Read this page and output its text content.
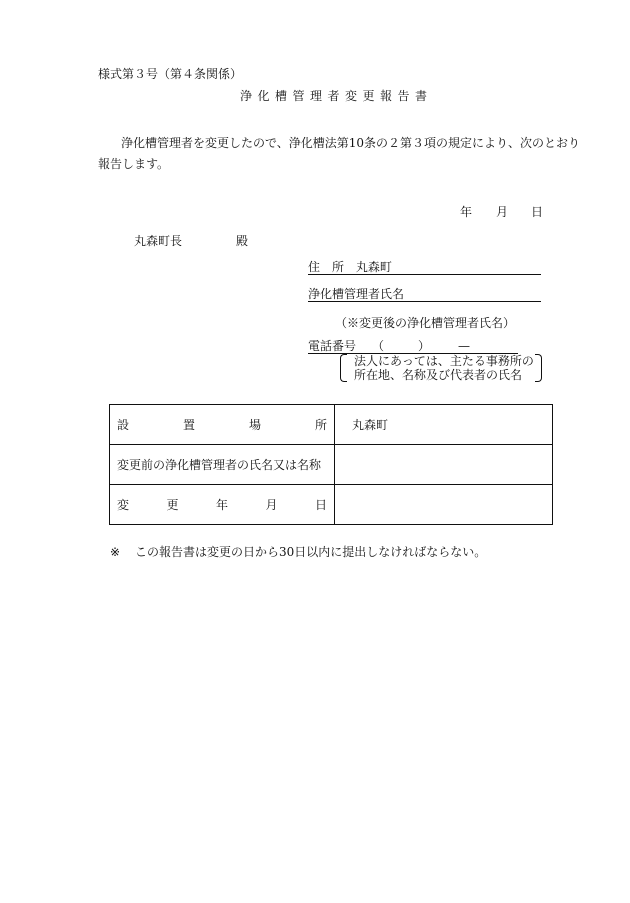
様式第３号（第４条関係）
浄化槽管理者変更報告書
浄化槽管理者を変更したので、浄化槽法第10条の２第３項の規定により、次のとおり
報告します。
年 月 日
丸森町長	殿
住　所 丸森町
浄化槽管理者氏名
（※変更後の浄化槽管理者氏名）
電話番号 （	） —
法人にあっては、主たる事務所の
所在地、名称及び代表者の氏名
設 置 場 所	丸森町
変更前の浄化槽管理者の氏名又は名称	

変 更 年 月 日	

※ この報告書は変更の日から30日以内に提出しなければならない。
